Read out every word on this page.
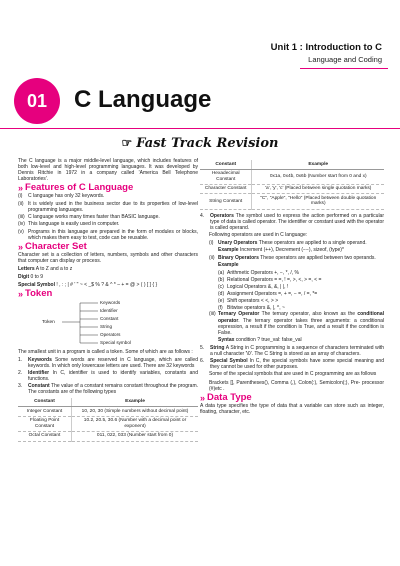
Unit 1 : Introduction to C
Language and Coding
01	C Language
☞ Fast Track Revision
The C language is a major middle-level language, which includes features of both low-level and high-level programming languages. It was developed by Dennis Ritchie in 1972 in a company called 'America Bell Telephone Laboratories'.
» Features of C Language
(i)	C language has only 32 keywords.
(ii) It is widely used in the business sector due to its properties of low-level programming languages.
(iii) C language works many times faster than BASIC language.
(iv) This language is easily used in computer.
(v) Programs in this language are prepared in the form of modules or blocks, which makes them easy to test, code can be reusable.
» Character Set
Character set is a collection of letters, numbers, symbols and other characters that computer can display or process.
Letters A to Z and a to z
Digit 0 to 9
Special Symbol ! , : ; | # ' " ~ < _$ % ? & ^ * – + = @ > ( ) [ ] { }
» Token
Token
Keywords
Identifier
Constant
String
Operators
Special symbol
The smallest unit in a program is called a token. Some of which are as follows :
1.	Keywords Some words are reserved in C language, which are called keywords. In which only lowercase letters are used. There are 32 keywords
2.	Identifier In C, identifier is used to identify variables, constants and functions.
3.	Constant The value of a constant remains constant throughout the program. The constants are of the following types
Constant	Example
Integer Constant	10, 20, 30 (Simple numbers without decimal point)
Floating Point Constant	10.2, 20.5, 30.6 (Number with a decimal point or exponent)
Octal Constant	011, 022, 033 (Number start from 0)
Constant	Example
Hexadecimal Constant	0x1a, 0x4b, 0x6b (Number start from 0 and x)
Character Constant	'a', 'y', 'c' (Placed between single quotation marks)
String Constant	"C", "Apple", "Hello" (Placed between double quotation marks)
4.	Operators The symbol used to express the action performed on a particular type of data is called operator. The identifier or constant used with the operator is called operand.
Following operators are used in C language:
(i) Unary Operators These operators are applied to a single operand.
Example Increment (++), Decrement (−−), sizeof, (type)*
(ii) Binary Operators These operators are applied between two operands.
Example
(a) Arithmetic Operators +, −, *, /, %
(b) Relational Operators = =, ! =, >, <, > =, < =
(c) Logical Operators &, &, | |, !
(d) Assignment Operators =, + =, − =, / =, *=
(e) Shift operators < <, > >
(f) Bitwise operators &, |, ^, ~
(iii) Ternary Operator The ternary operator, also known as the conditional operator. The ternary operator takes three arguments: a conditional expression, a result if the condition is True, and a result if the condition is False.
Syntax condition ? true_val: false_val
5.	String A String in C programming is a sequence of characters terminated with a null character '\0'. The C String is stored as an array of characters.
6.	Special Symbol In C, the special symbols have some special meaning and they cannot be used for other purposes.
Some of the special symbols that are used in C programming are as follows
Brackets [], Parentheses(), Comma (,), Colon(:), Semicolon(;), Pre- processor (#)etc .
» Data Type
A data type specifies the type of data that a variable can store such as integer, floating, character, etc.
